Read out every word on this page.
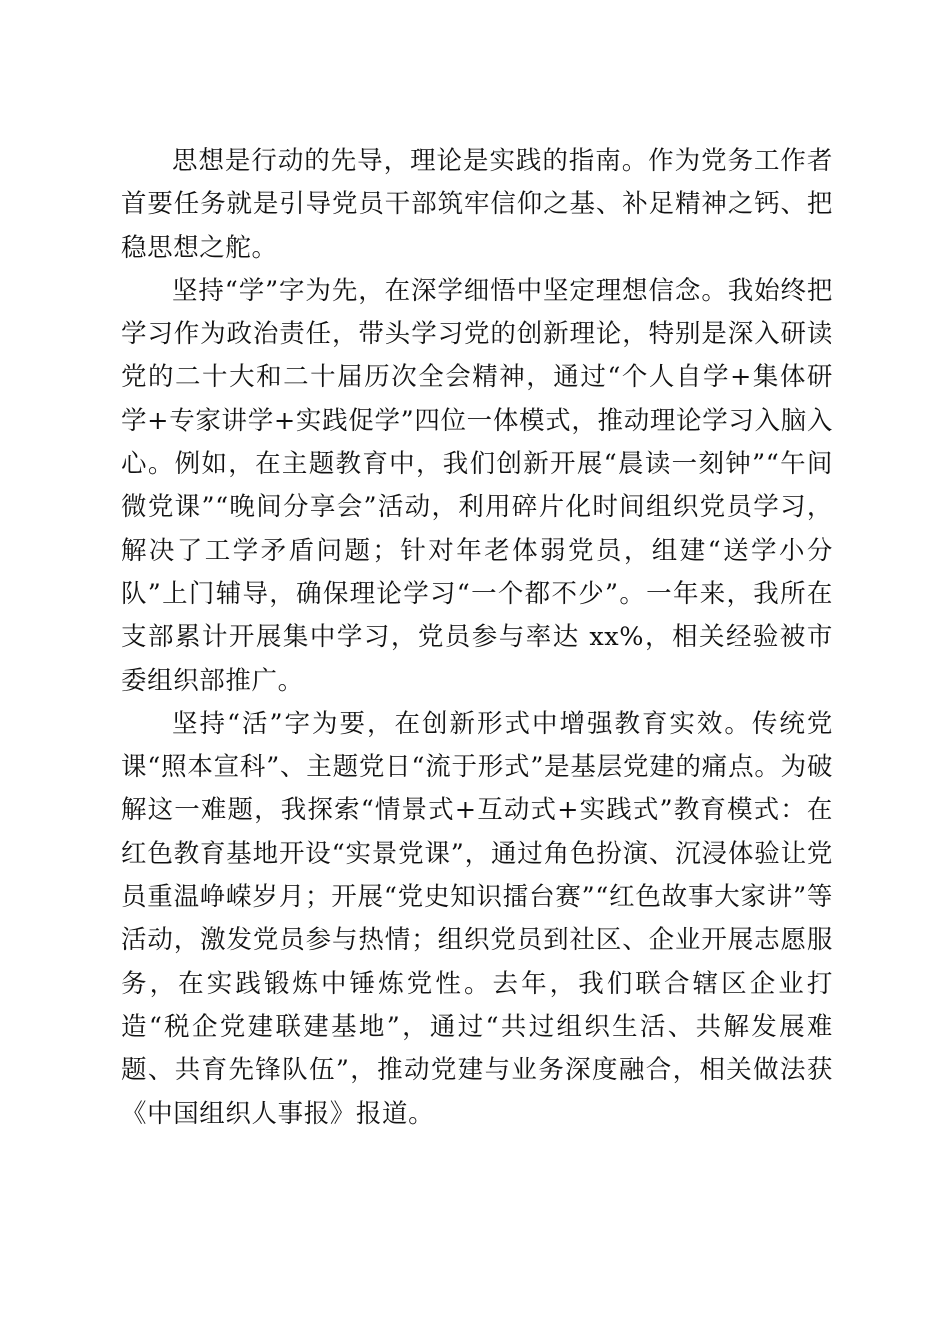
思想是行动的先导，理论是实践的指南。作为党务工作者首要任务就是引导党员干部筑牢信仰之基、补足精神之钙、把稳思想之舵。

坚持“学”字为先，在深学细悟中坚定理想信念。我始终把学习作为政治责任，带头学习党的创新理论，特别是深入研读党的二十大和二十届历次全会精神，通过“个人自学+集体研学+专家讲学+实践促学”四位一体模式，推动理论学习入脑入心。例如，在主题教育中，我们创新开展“晨读一刻钟”“午间微党课”“晚间分享会”活动，利用碎片化时间组织党员学习，解决了工学矛盾问题；针对年老体弱党员，组建“送学小分队”上门辅导，确保理论学习“一个都不少”。一年来，我所在支部累计开展集中学习，党员参与率达 xx%，相关经验被市委组织部推广。

坚持“活”字为要，在创新形式中增强教育实效。传统党课“照本宣科”、主题党日“流于形式”是基层党建的痛点。为破解这一难题，我探索“情景式+互动式+实践式”教育模式：在红色教育基地开设“实景党课”，通过角色扮演、沉浸体验让党员重温峥嵘岁月；开展“党史知识擂台赛”“红色故事大家讲”等活动，激发党员参与热情；组织党员到社区、企业开展志愿服务，在实践锻炼中锤炼党性。去年，我们联合辖区企业打造“税企党建联建基地”，通过“共过组织生活、共解发展难题、共育先锋队伍”，推动党建与业务深度融合，相关做法获《中国组织人事报》报道。
